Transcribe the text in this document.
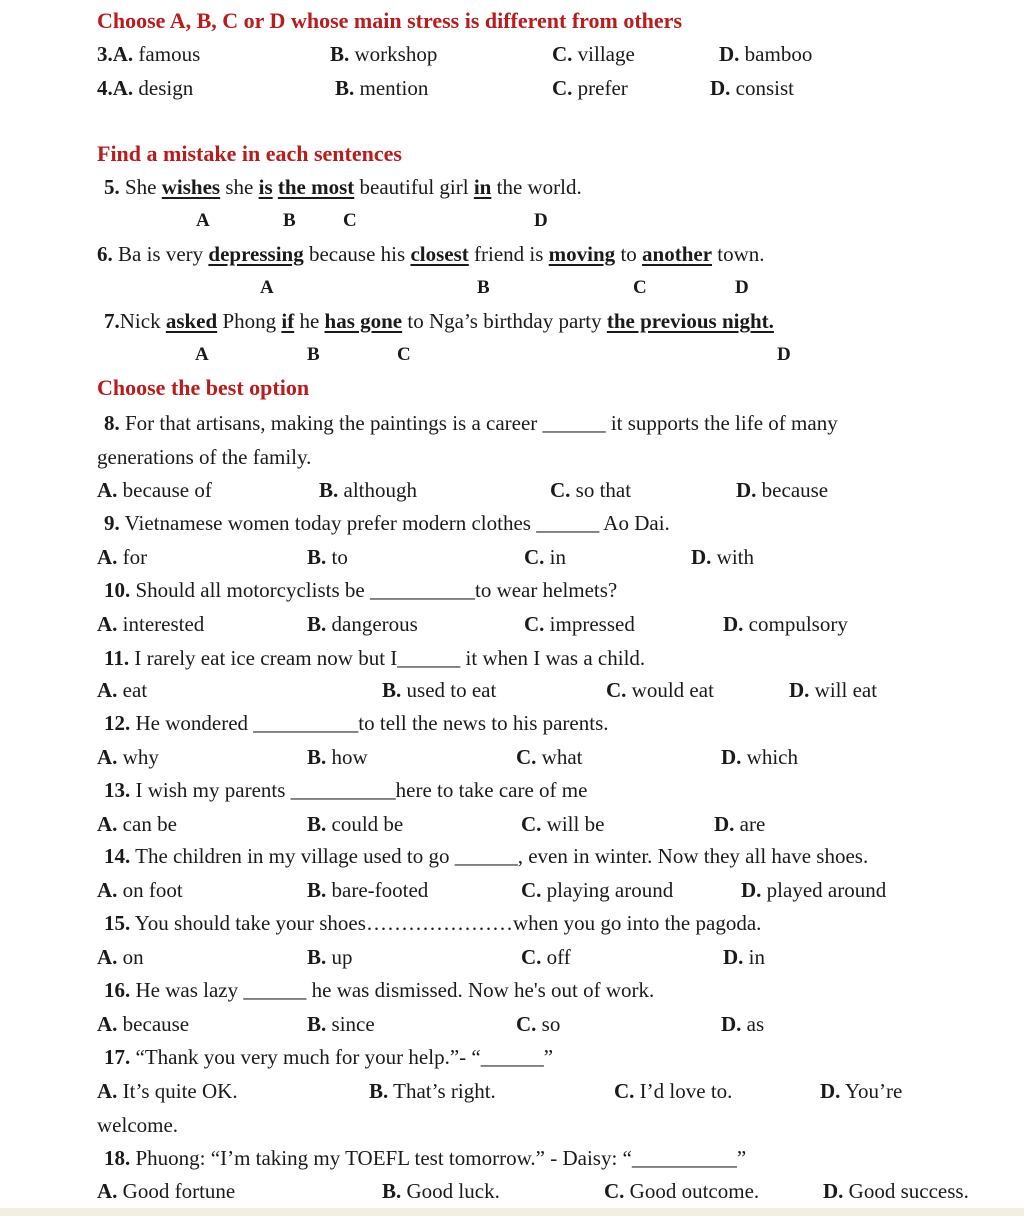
Choose A, B, C or D whose main stress is different from others
3.A. famous	B. workshop	C. village	D. bamboo
4.A. design	B. mention	C. prefer	D. consist
Find a mistake in each sentences
5. She wishes she is the most beautiful girl in the world.
A	B C	D
6. Ba is very depressing because his closest friend is moving to another town.
A	B	C	D
7.Nick asked Phong if he has gone to Nga’s birthday party the previous night.
A	B	C	D
Choose the best option
8. For that artisans, making the paintings is a career ______ it supports the life of many
generations of the family.
A. because of	B. although	C. so that	D. because
9. Vietnamese women today prefer modern clothes ______ Ao Dai.
A. for	B. to	C. in	D. with
10. Should all motorcyclists be __________to wear helmets?
A. interested	B. dangerous	C. impressed	D. compulsory
11. I rarely eat ice cream now but I______ it when I was a child.
A. eat	B. used to eat	C. would eat	D. will eat
12. He wondered __________to tell the news to his parents.
A. why	B. how	C. what	D. which
13. I wish my parents __________here to take care of me
A. can be	B. could be	C. will be	D. are
14. The children in my village used to go ______, even in winter. Now they all have shoes.
A. on foot	B. bare-footed	C. playing around	D. played around
15. You should take your shoes…………………when you go into the pagoda.
A. on	B. up	C. off	D. in
16. He was lazy ______ he was dismissed. Now he's out of work.
A. because	B. since	C. so	D. as
17. “Thank you very much for your help.”- “______”
A. It’s quite OK.	B. That’s right.	C. I’d love to.	D. You’re
welcome.
18. Phuong: “I’m taking my TOEFL test tomorrow.” - Daisy: “__________”
A. Good fortune	B. Good luck.	C. Good outcome.	D. Good success.
